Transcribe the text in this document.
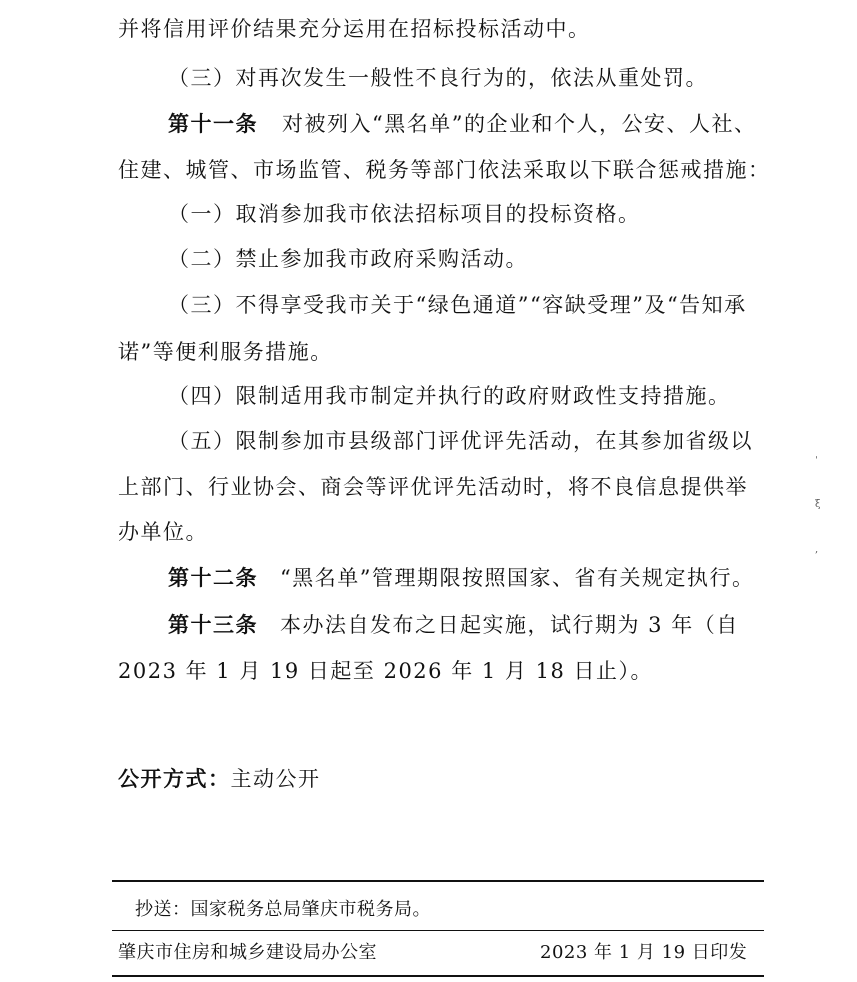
并将信用评价结果充分运用在招标投标活动中。
（三）对再次发生一般性不良行为的，依法从重处罚。
第十一条 对被列入“黑名单”的企业和个人，公安、人社、
住建、城管、市场监管、税务等部门依法采取以下联合惩戒措施：
（一）取消参加我市依法招标项目的投标资格。
（二）禁止参加我市政府采购活动。
（三）不得享受我市关于“绿色通道”“容缺受理”及“告知承
诺”等便利服务措施。
（四）限制适用我市制定并执行的政府财政性支持措施。
（五）限制参加市县级部门评优评先活动，在其参加省级以
上部门、行业协会、商会等评优评先活动时，将不良信息提供举
办单位。
第十二条 “黑名单”管理期限按照国家、省有关规定执行。
第十三条 本办法自发布之日起实施，试行期为 3 年（自
2023 年 1 月 19 日起至 2026 年 1 月 18 日止）。
公开方式：主动公开
ˈ
ξ
,
抄送：国家税务总局肇庆市税务局。
肇庆市住房和城乡建设局办公室	2023 年 1 月 19 日印发
